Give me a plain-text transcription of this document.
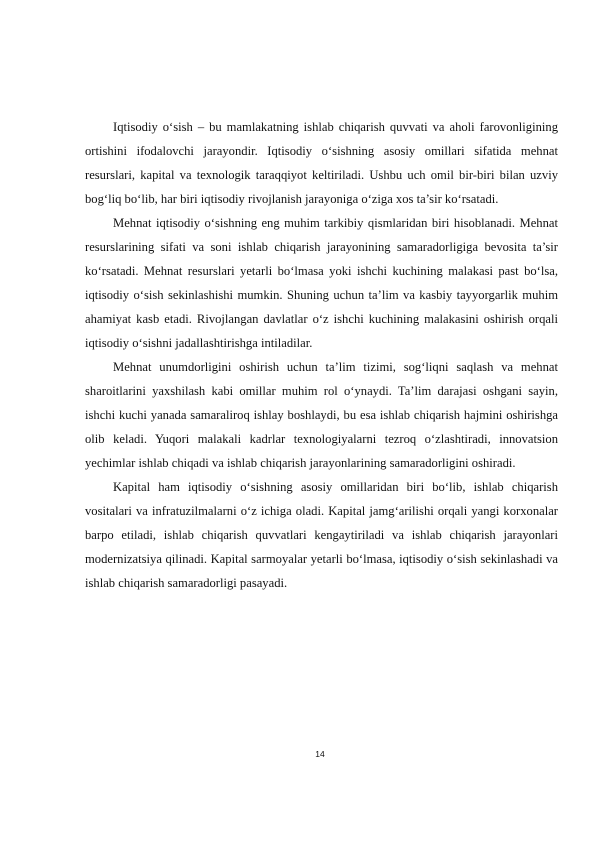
Iqtisodiy o‘sish – bu mamlakatning ishlab chiqarish quvvati va aholi farovonligining ortishini ifodalovchi jarayondir. Iqtisodiy o‘sishning asosiy omillari sifatida mehnat resurslari, kapital va texnologik taraqqiyot keltiriladi. Ushbu uch omil bir-biri bilan uzviy bog‘liq bo‘lib, har biri iqtisodiy rivojlanish jarayoniga o‘ziga xos ta’sir ko‘rsatadi.

Mehnat iqtisodiy o‘sishning eng muhim tarkibiy qismlaridan biri hisoblanadi. Mehnat resurslarining sifati va soni ishlab chiqarish jarayonining samaradorligiga bevosita ta’sir ko‘rsatadi. Mehnat resurslari yetarli bo‘lmasa yoki ishchi kuchining malakasi past bo‘lsa, iqtisodiy o‘sish sekinlashishi mumkin. Shuning uchun ta’lim va kasbiy tayyorgarlik muhim ahamiyat kasb etadi. Rivojlangan davlatlar o‘z ishchi kuchining malakasini oshirish orqali iqtisodiy o‘sishni jadallashtirishga intiladilar.

Mehnat unumdorligini oshirish uchun ta’lim tizimi, sog‘liqni saqlash va mehnat sharoitlarini yaxshilash kabi omillar muhim rol o‘ynaydi. Ta’lim darajasi oshgani sayin, ishchi kuchi yanada samaraliroq ishlay boshlaydi, bu esa ishlab chiqarish hajmini oshirishga olib keladi. Yuqori malakali kadrlar texnologiyalarni tezroq o‘zlashtiradi, innovatsion yechimlar ishlab chiqadi va ishlab chiqarish jarayonlarining samaradorligini oshiradi.

Kapital ham iqtisodiy o‘sishning asosiy omillaridan biri bo‘lib, ishlab chiqarish vositalari va infratuzilmalarni o‘z ichiga oladi. Kapital jamg‘arilishi orqali yangi korxonalar barpo etiladi, ishlab chiqarish quvvatlari kengaytiriladi va ishlab chiqarish jarayonlari modernizatsiya qilinadi. Kapital sarmoyalar yetarli bo‘lmasa, iqtisodiy o‘sish sekinlashadi va ishlab chiqarish samaradorligi pasayadi.

14
